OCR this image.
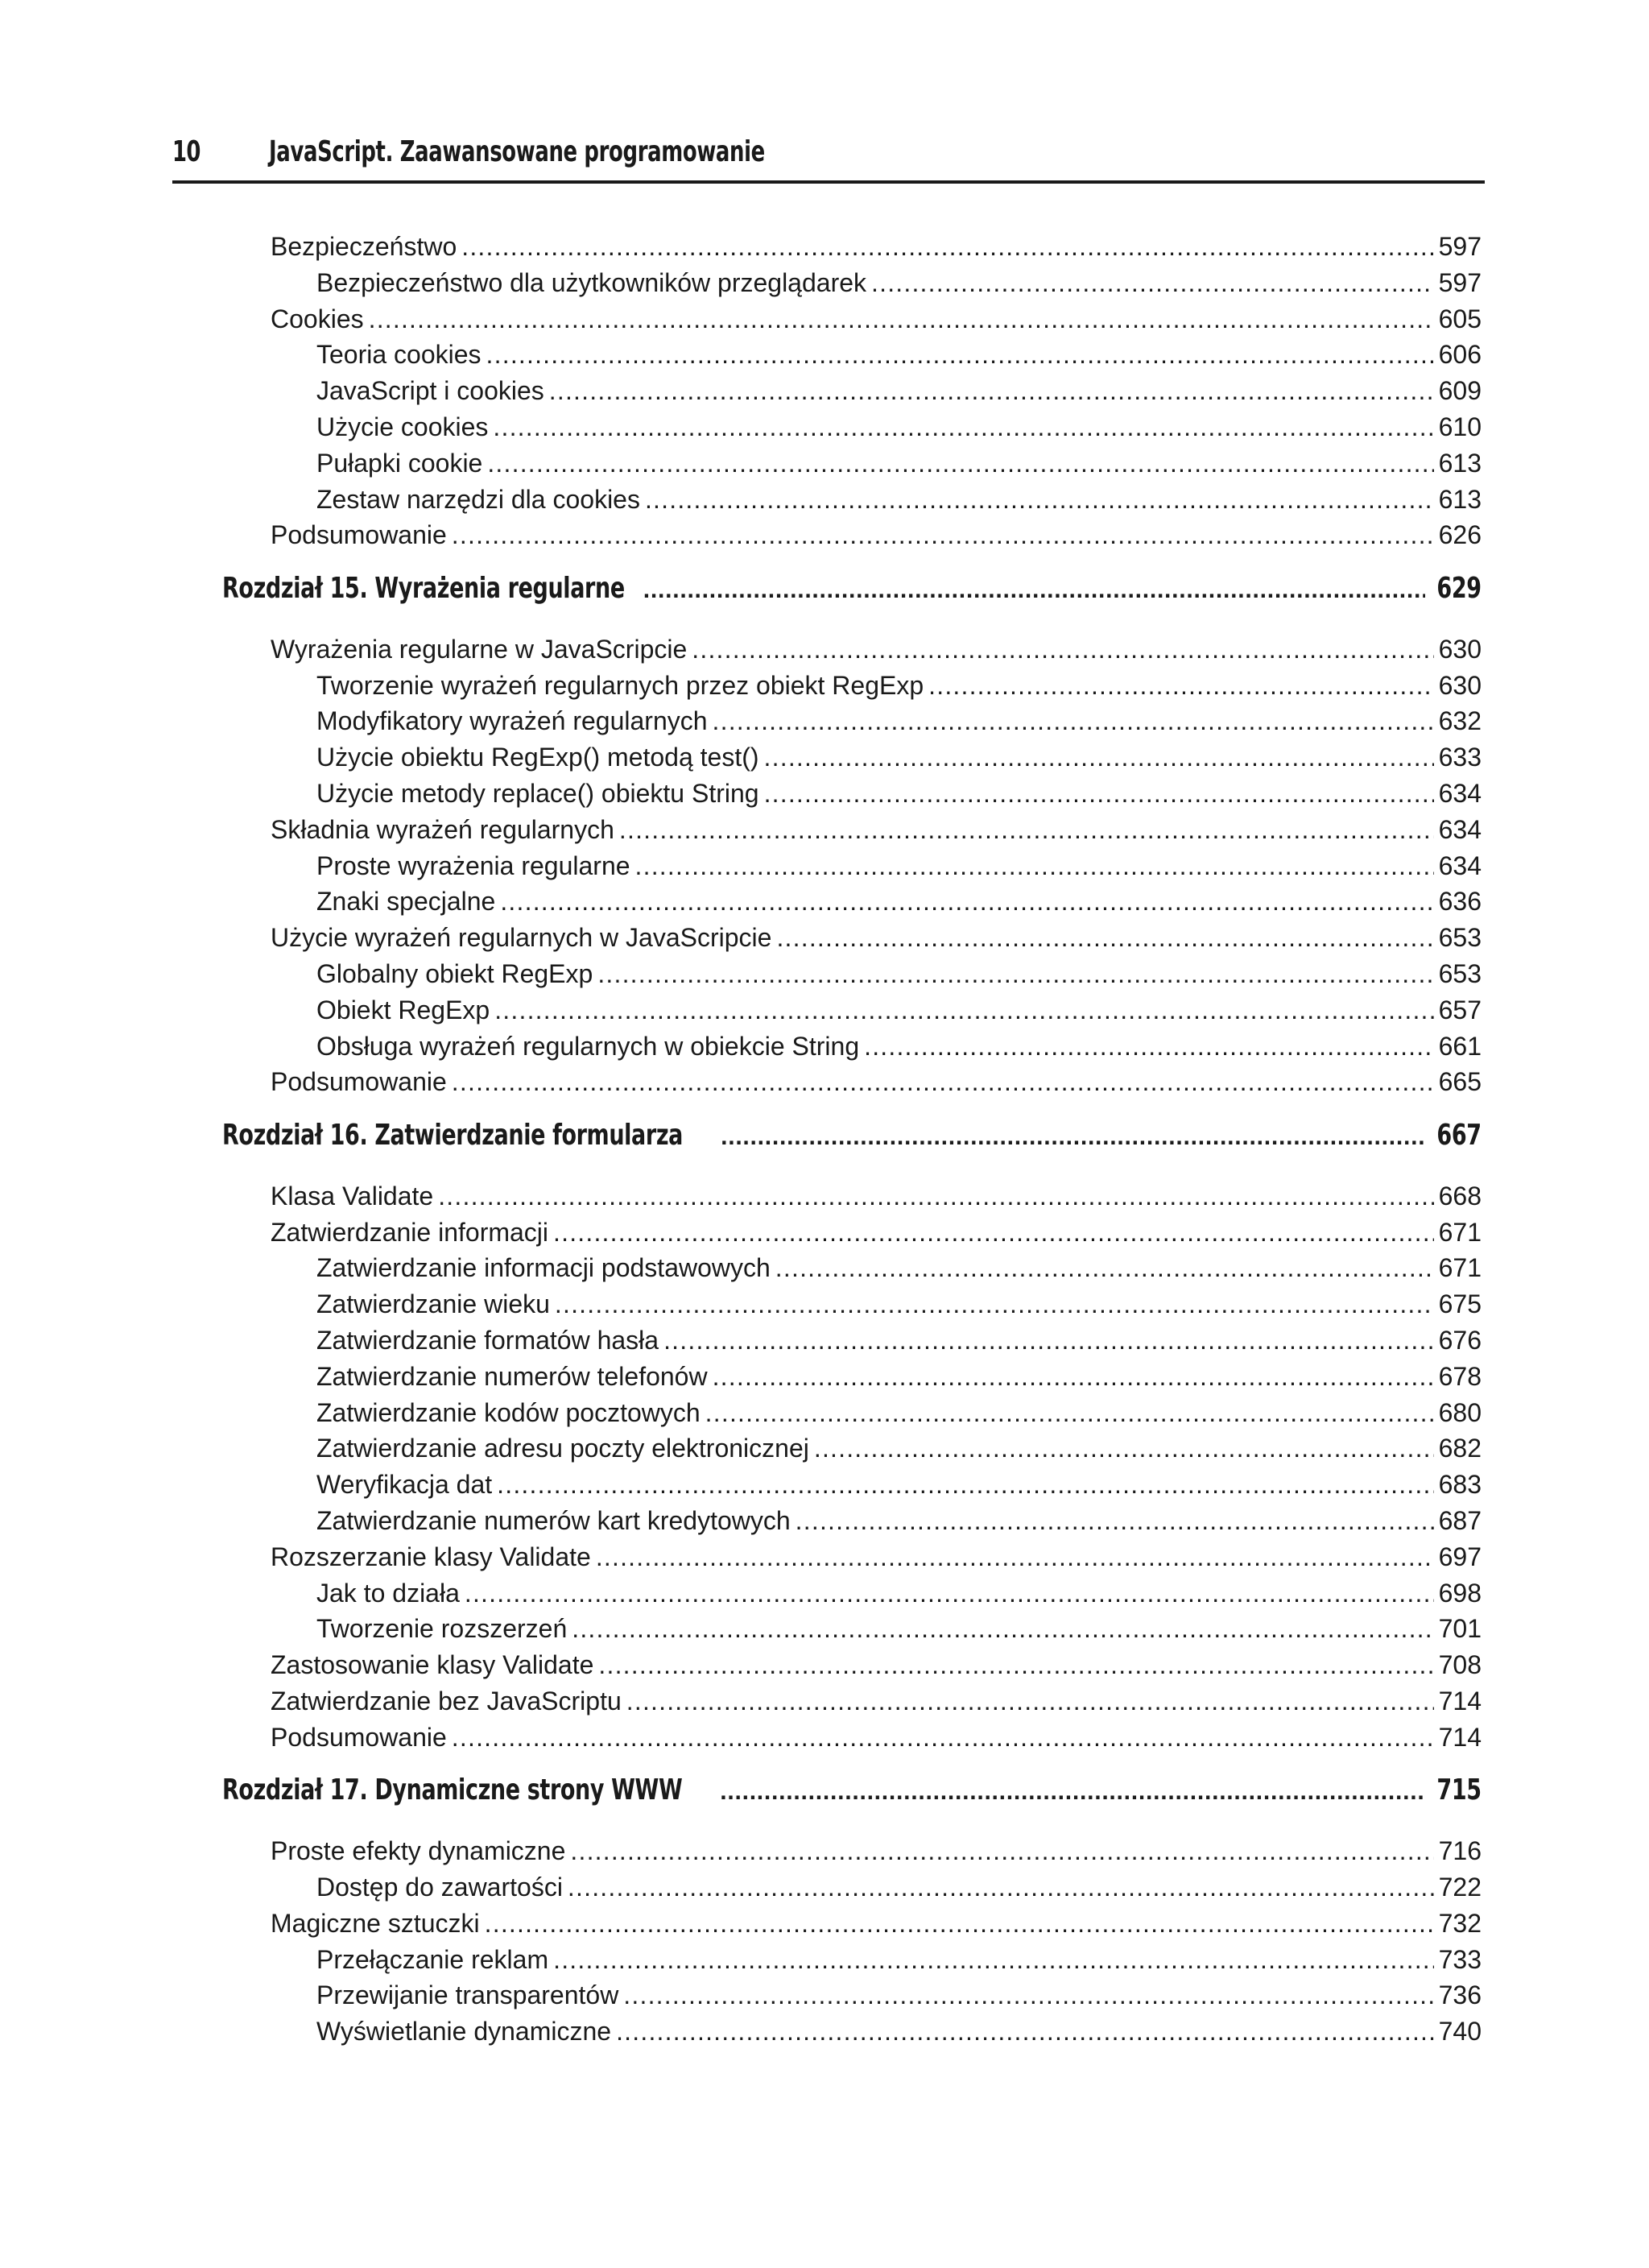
10 JavaScript. Zaawansowane programowanie
Bezpieczeństwo .....	597
Bezpieczeństwo dla użytkowników przeglądarek .....	597
Cookies .....	605
Teoria cookies .....	606
JavaScript i cookies .....	609
Użycie cookies .....	610
Pułapki cookie .....	613
Zestaw narzędzi dla cookies .....	613
Podsumowanie .....	626
Rozdział 15. Wyrażenia regularne .....	629
Wyrażenia regularne w JavaScripcie .....	630
Tworzenie wyrażeń regularnych przez obiekt RegExp .....	630
Modyfikatory wyrażeń regularnych .....	632
Użycie obiektu RegExp() metodą test() .....	633
Użycie metody replace() obiektu String .....	634
Składnia wyrażeń regularnych .....	634
Proste wyrażenia regularne .....	634
Znaki specjalne .....	636
Użycie wyrażeń regularnych w JavaScripcie .....	653
Globalny obiekt RegExp .....	653
Obiekt RegExp .....	657
Obsługa wyrażeń regularnych w obiekcie String .....	661
Podsumowanie .....	665
Rozdział 16. Zatwierdzanie formularza .....	667
Klasa Validate .....	668
Zatwierdzanie informacji .....	671
Zatwierdzanie informacji podstawowych .....	671
Zatwierdzanie wieku .....	675
Zatwierdzanie formatów hasła .....	676
Zatwierdzanie numerów telefonów .....	678
Zatwierdzanie kodów pocztowych .....	680
Zatwierdzanie adresu poczty elektronicznej .....	682
Weryfikacja dat .....	683
Zatwierdzanie numerów kart kredytowych .....	687
Rozszerzanie klasy Validate .....	697
Jak to działa .....	698
Tworzenie rozszerzeń .....	701
Zastosowanie klasy Validate .....	708
Zatwierdzanie bez JavaScriptu .....	714
Podsumowanie .....	714
Rozdział 17. Dynamiczne strony WWW .....	715
Proste efekty dynamiczne .....	716
Dostęp do zawartości .....	722
Magiczne sztuczki .....	732
Przełączanie reklam .....	733
Przewijanie transparentów .....	736
Wyświetlanie dynamiczne .....	740
